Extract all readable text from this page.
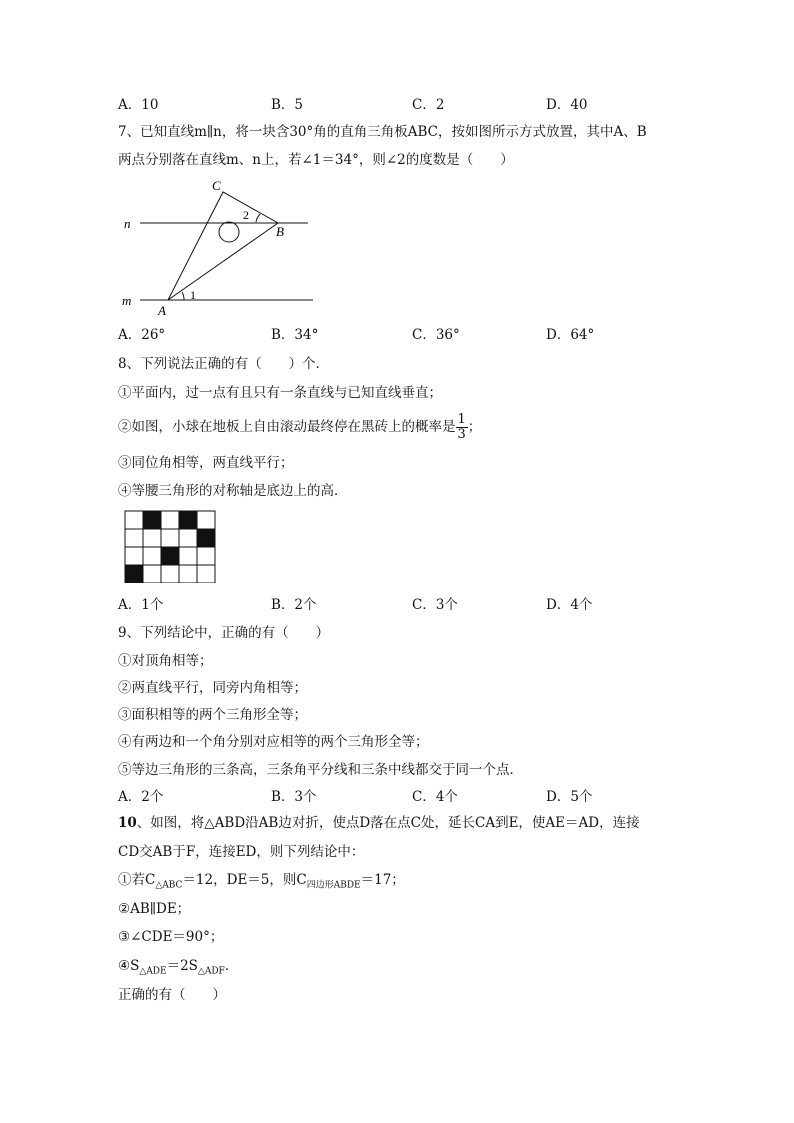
A．10	B．5	C．2	D．40
7、已知直线m∥n，将一块含30°角的直角三角板ABC，按如图所示方式放置，其中A、B
两点分别落在直线m、n上，若∠1＝34°，则∠2的度数是（　　）
C
B
A
n
m
2
1
A．26°	B．34°	C．36°	D．64°
8、下列说法正确的有（　　）个．
①平面内，过一点有且只有一条直线与已知直线垂直；
②如图，小球在地板上自由滚动最终停在黑砖上的概率是 $\frac{1}{3}$ ；
③同位角相等，两直线平行；
④等腰三角形的对称轴是底边上的高．
A．1个	B．2个	C．3个	D．4个
9、下列结论中，正确的有（　　）
①对顶角相等；
②两直线平行，同旁内角相等；
③面积相等的两个三角形全等；
④有两边和一个角分别对应相等的两个三角形全等；
⑤等边三角形的三条高，三条角平分线和三条中线都交于同一个点．
A．2个	B．3个	C．4个	D．5个
10、如图，将△ABD沿AB边对折，使点D落在点C处，延长CA到E，使AE＝AD，连接
CD交AB于F，连接ED，则下列结论中：
①若$C_{\triangle ABC}=12$，DE＝5，则$C_{四边形ABDE}=17$；
②AB∥DE；
③∠CDE＝90°；
$④S_{\triangle ADE}=2S_{\triangle ADF}$．
正确的有（　　）
